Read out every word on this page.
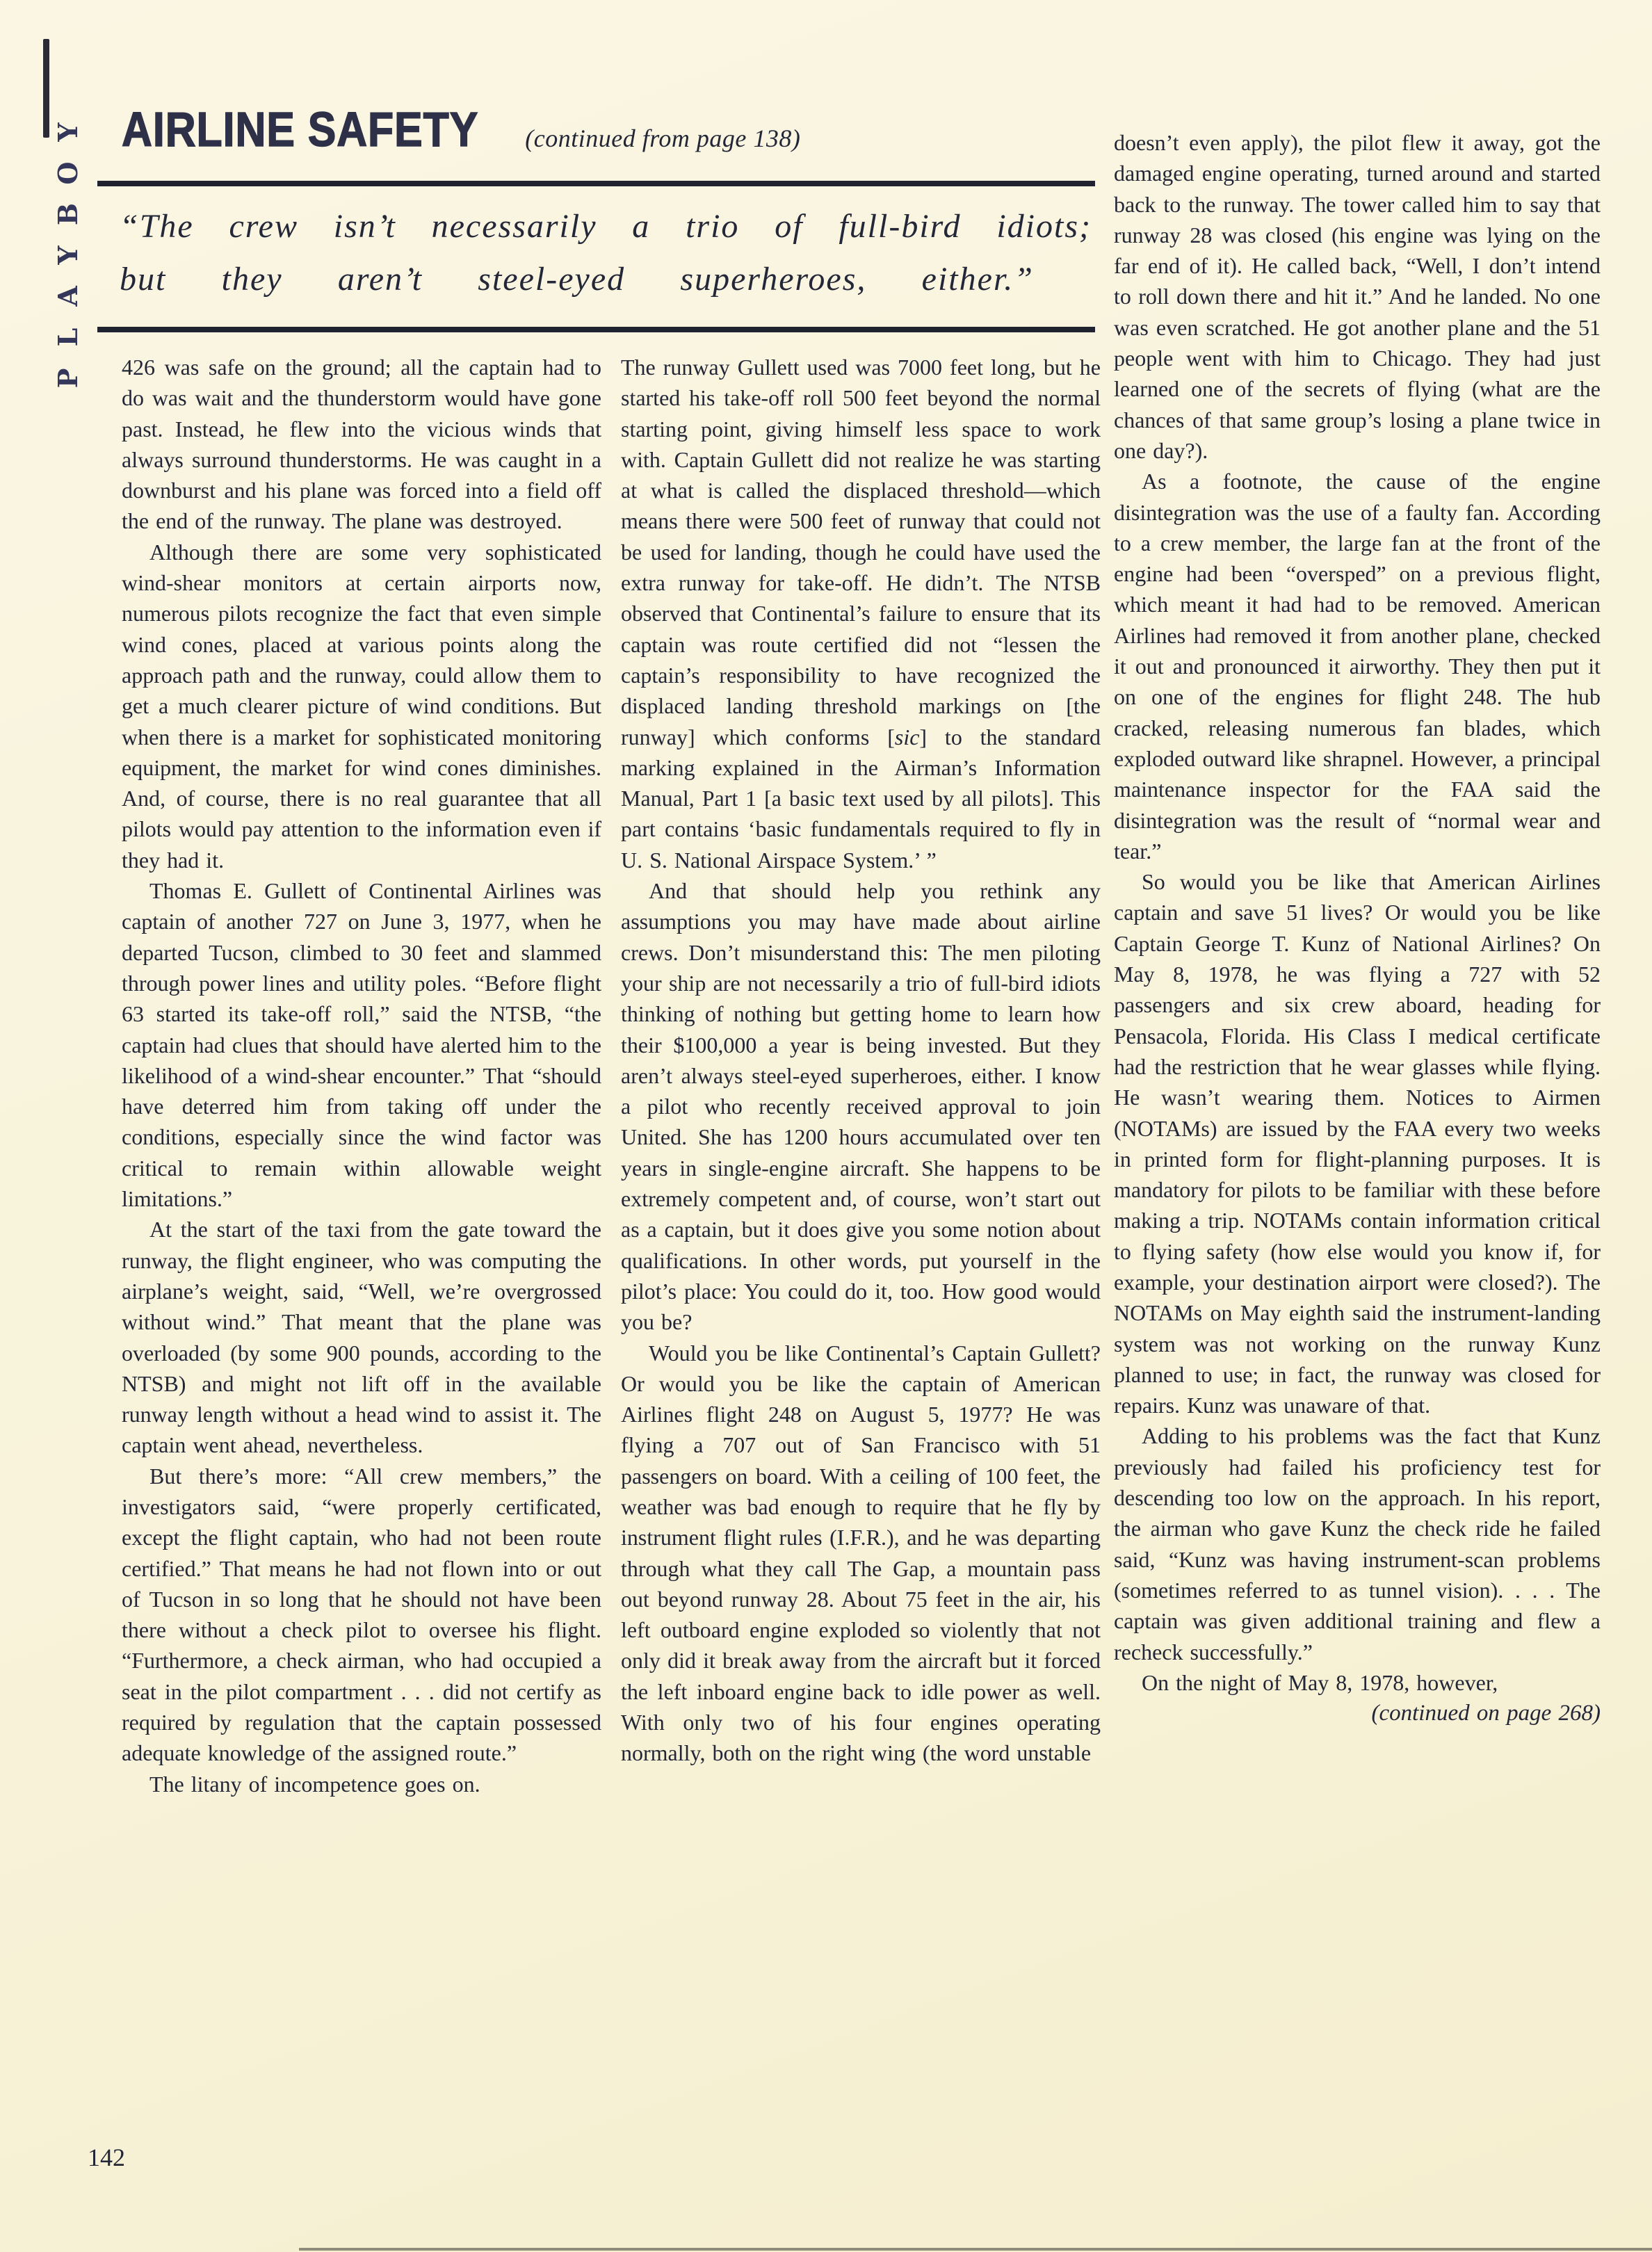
Y
O
B
Y
A
L
P
AIRLINE SAFETY (continued from page 138)
“The crew isn’t necessarily a trio of full-bird idiots;
but they aren’t steel-eyed superheroes, either.”

426 was safe on the ground; all the captain had to do was wait and the thunderstorm would have gone past. Instead, he flew into the vicious winds that always surround thunderstorms. He was caught in a downburst and his plane was forced into a field off the end of the runway. The plane was destroyed.

Although there are some very sophisticated wind-shear monitors at certain airports now, numerous pilots recognize the fact that even simple wind cones, placed at various points along the approach path and the runway, could allow them to get a much clearer picture of wind conditions. But when there is a market for sophisticated monitoring equipment, the market for wind cones diminishes. And, of course, there is no real guarantee that all pilots would pay attention to the information even if they had it.

Thomas E. Gullett of Continental Airlines was captain of another 727 on June 3, 1977, when he departed Tucson, climbed to 30 feet and slammed through power lines and utility poles. “Before flight 63 started its take-off roll,” said the NTSB, “the captain had clues that should have alerted him to the likelihood of a wind-shear encounter.” That “should have deterred him from taking off under the conditions, especially since the wind factor was critical to remain within allowable weight limitations.”

At the start of the taxi from the gate toward the runway, the flight engineer, who was computing the airplane’s weight, said, “Well, we’re overgrossed without wind.” That meant that the plane was overloaded (by some 900 pounds, according to the NTSB) and might not lift off in the available runway length without a head wind to assist it. The captain went ahead, nevertheless.

But there’s more: “All crew members,” the investigators said, “were properly certificated, except the flight captain, who had not been route certified.” That means he had not flown into or out of Tucson in so long that he should not have been there without a check pilot to oversee his flight. “Furthermore, a check airman, who had occupied a seat in the pilot compartment . . . did not certify as required by regulation that the captain possessed adequate knowledge of the assigned route.”

The litany of incompetence goes on.

The runway Gullett used was 7000 feet long, but he started his take-off roll 500 feet beyond the normal starting point, giving himself less space to work with. Captain Gullett did not realize he was starting at what is called the displaced threshold—which means there were 500 feet of runway that could not be used for landing, though he could have used the extra runway for take-off. He didn’t. The NTSB observed that Continental’s failure to ensure that its captain was route certified did not “lessen the captain’s responsibility to have recognized the displaced landing threshold markings on [the runway] which conforms [sic] to the standard marking explained in the Airman’s Information Manual, Part 1 [a basic text used by all pilots]. This part contains ‘basic fundamentals required to fly in U. S. National Airspace System.’ ”

And that should help you rethink any assumptions you may have made about airline crews. Don’t misunderstand this: The men piloting your ship are not necessarily a trio of full-bird idiots thinking of nothing but getting home to learn how their $100,000 a year is being invested. But they aren’t always steel-eyed superheroes, either. I know a pilot who recently received approval to join United. She has 1200 hours accumulated over ten years in single-engine aircraft. She happens to be extremely competent and, of course, won’t start out as a captain, but it does give you some notion about qualifications. In other words, put yourself in the pilot’s place: You could do it, too. How good would you be?

Would you be like Continental’s Captain Gullett? Or would you be like the captain of American Airlines flight 248 on August 5, 1977? He was flying a 707 out of San Francisco with 51 passengers on board. With a ceiling of 100 feet, the weather was bad enough to require that he fly by instrument flight rules (I.F.R.), and he was departing through what they call The Gap, a mountain pass out beyond runway 28. About 75 feet in the air, his left outboard engine exploded so violently that not only did it break away from the aircraft but it forced the left inboard engine back to idle power as well. With only two of his four engines operating normally, both on the right wing (the word unstable

doesn’t even apply), the pilot flew it away, got the damaged engine operating, turned around and started back to the runway. The tower called him to say that runway 28 was closed (his engine was lying on the far end of it). He called back, “Well, I don’t intend to roll down there and hit it.” And he landed. No one was even scratched. He got another plane and the 51 people went with him to Chicago. They had just learned one of the secrets of flying (what are the chances of that same group’s losing a plane twice in one day?).

As a footnote, the cause of the engine disintegration was the use of a faulty fan. According to a crew member, the large fan at the front of the engine had been “oversped” on a previous flight, which meant it had had to be removed. American Airlines had removed it from another plane, checked it out and pronounced it airworthy. They then put it on one of the engines for flight 248. The hub cracked, releasing numerous fan blades, which exploded outward like shrapnel. However, a principal maintenance inspector for the FAA said the disintegration was the result of “normal wear and tear.”

So would you be like that American Airlines captain and save 51 lives? Or would you be like Captain George T. Kunz of National Airlines? On May 8, 1978, he was flying a 727 with 52 passengers and six crew aboard, heading for Pensacola, Florida. His Class I medical certificate had the restriction that he wear glasses while flying. He wasn’t wearing them. Notices to Airmen (NOTAMs) are issued by the FAA every two weeks in printed form for flight-planning purposes. It is mandatory for pilots to be familiar with these before making a trip. NOTAMs contain information critical to flying safety (how else would you know if, for example, your destination airport were closed?). The NOTAMs on May eighth said the instrument-landing system was not working on the runway Kunz planned to use; in fact, the runway was closed for repairs. Kunz was unaware of that.

Adding to his problems was the fact that Kunz previously had failed his proficiency test for descending too low on the approach. In his report, the airman who gave Kunz the check ride he failed said, “Kunz was having instrument-scan problems (sometimes referred to as tunnel vision). . . . The captain was given additional training and flew a recheck successfully.”

On the night of May 8, 1978, however,

(continued on page 268)

142
